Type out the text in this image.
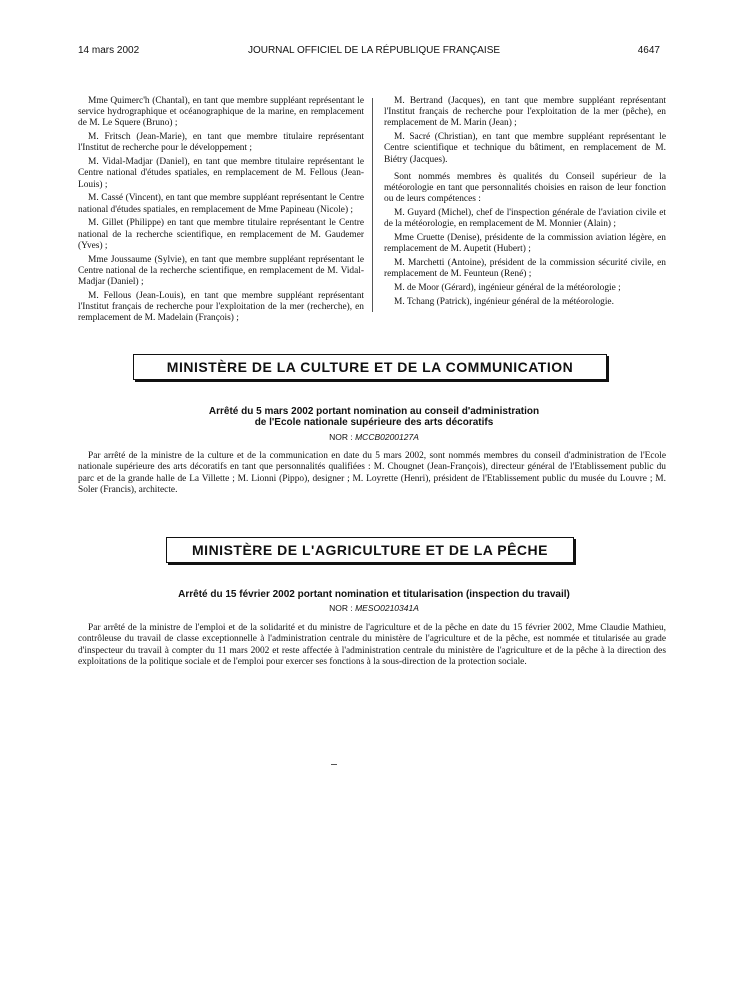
14 mars 2002	JOURNAL OFFICIEL DE LA RÉPUBLIQUE FRANÇAISE	4647

Mme Quimerc'h (Chantal), en tant que membre suppléant représentant le service hydrographique et océanographique de la marine, en remplacement de M. Le Squere (Bruno) ;

M. Fritsch (Jean-Marie), en tant que membre titulaire représentant l'Institut de recherche pour le développement ;

M. Vidal-Madjar (Daniel), en tant que membre titulaire représentant le Centre national d'études spatiales, en remplacement de M. Fellous (Jean-Louis) ;

M. Cassé (Vincent), en tant que membre suppléant représentant le Centre national d'études spatiales, en remplacement de Mme Papineau (Nicole) ;

M. Gillet (Philippe) en tant que membre titulaire représentant le Centre national de la recherche scientifique, en remplacement de M. Gaudemer (Yves) ;

Mme Joussaume (Sylvie), en tant que membre suppléant représentant le Centre national de la recherche scientifique, en remplacement de M. Vidal-Madjar (Daniel) ;

M. Fellous (Jean-Louis), en tant que membre suppléant représentant l'Institut français de recherche pour l'exploitation de la mer (recherche), en remplacement de M. Madelain (François) ;

M. Bertrand (Jacques), en tant que membre suppléant représentant l'Institut français de recherche pour l'exploitation de la mer (pêche), en remplacement de M. Marin (Jean) ;

M. Sacré (Christian), en tant que membre suppléant représentant le Centre scientifique et technique du bâtiment, en remplacement de M. Biétry (Jacques).

Sont nommés membres ès qualités du Conseil supérieur de la météorologie en tant que personnalités choisies en raison de leur fonction ou de leurs compétences :

M. Guyard (Michel), chef de l'inspection générale de l'aviation civile et de la météorologie, en remplacement de M. Monnier (Alain) ;

Mme Cruette (Denise), présidente de la commission aviation légère, en remplacement de M. Aupetit (Hubert) ;

M. Marchetti (Antoine), président de la commission sécurité civile, en remplacement de M. Feunteun (René) ;

M. de Moor (Gérard), ingénieur général de la météorologie ;

M. Tchang (Patrick), ingénieur général de la météorologie.

MINISTÈRE DE LA CULTURE ET DE LA COMMUNICATION
Arrêté du 5 mars 2002 portant nomination au conseil d'administration
de l'Ecole nationale supérieure des arts décoratifs
NOR : MCCB0200127A

Par arrêté de la ministre de la culture et de la communication en date du 5 mars 2002, sont nommés membres du conseil d'administration de l'Ecole nationale supérieure des arts décoratifs en tant que personnalités qualifiées : M. Chougnet (Jean-François), directeur général de l'Etablissement public du parc et de la grande halle de La Villette ; M. Lionni (Pippo), designer ; M. Loyrette (Henri), président de l'Etablissement public du musée du Louvre ; M. Soler (Francis), architecte.

MINISTÈRE DE L'AGRICULTURE ET DE LA PÊCHE
Arrêté du 15 février 2002 portant nomination et titularisation (inspection du travail)
NOR : MESO0210341A

Par arrêté de la ministre de l'emploi et de la solidarité et du ministre de l'agriculture et de la pêche en date du 15 février 2002, Mme Claudie Mathieu, contrôleuse du travail de classe exceptionnelle à l'administration centrale du ministère de l'agriculture et de la pêche, est nommée et titularisée au grade d'inspecteur du travail à compter du 11 mars 2002 et reste affectée à l'administration centrale du ministère de l'agriculture et de la pêche à la direction des exploitations de la politique sociale et de l'emploi pour exercer ses fonctions à la sous-direction de la protection sociale.
